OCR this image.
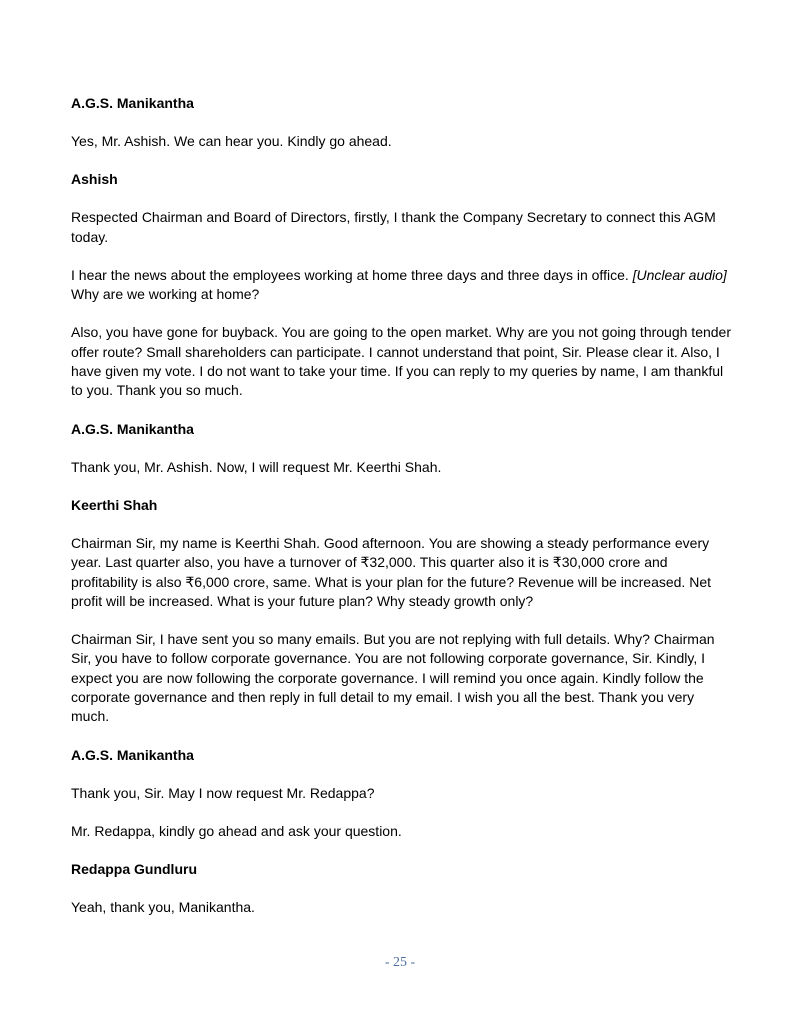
A.G.S. Manikantha
Yes, Mr. Ashish. We can hear you. Kindly go ahead.
Ashish
Respected Chairman and Board of Directors, firstly, I thank the Company Secretary to connect this AGM today.
I hear the news about the employees working at home three days and three days in office. [Unclear audio] Why are we working at home?
Also, you have gone for buyback. You are going to the open market. Why are you not going through tender offer route? Small shareholders can participate. I cannot understand that point, Sir. Please clear it. Also, I have given my vote. I do not want to take your time. If you can reply to my queries by name, I am thankful to you. Thank you so much.
A.G.S. Manikantha
Thank you, Mr. Ashish. Now, I will request Mr. Keerthi Shah.
Keerthi Shah
Chairman Sir, my name is Keerthi Shah. Good afternoon. You are showing a steady performance every year. Last quarter also, you have a turnover of ₹32,000. This quarter also it is ₹30,000 crore and profitability is also ₹6,000 crore, same. What is your plan for the future? Revenue will be increased. Net profit will be increased. What is your future plan? Why steady growth only?
Chairman Sir, I have sent you so many emails. But you are not replying with full details. Why? Chairman Sir, you have to follow corporate governance. You are not following corporate governance, Sir. Kindly, I expect you are now following the corporate governance. I will remind you once again. Kindly follow the corporate governance and then reply in full detail to my email. I wish you all the best. Thank you very much.
A.G.S. Manikantha
Thank you, Sir. May I now request Mr. Redappa?
Mr. Redappa, kindly go ahead and ask your question.
Redappa Gundluru
Yeah, thank you, Manikantha.
- 25 -
